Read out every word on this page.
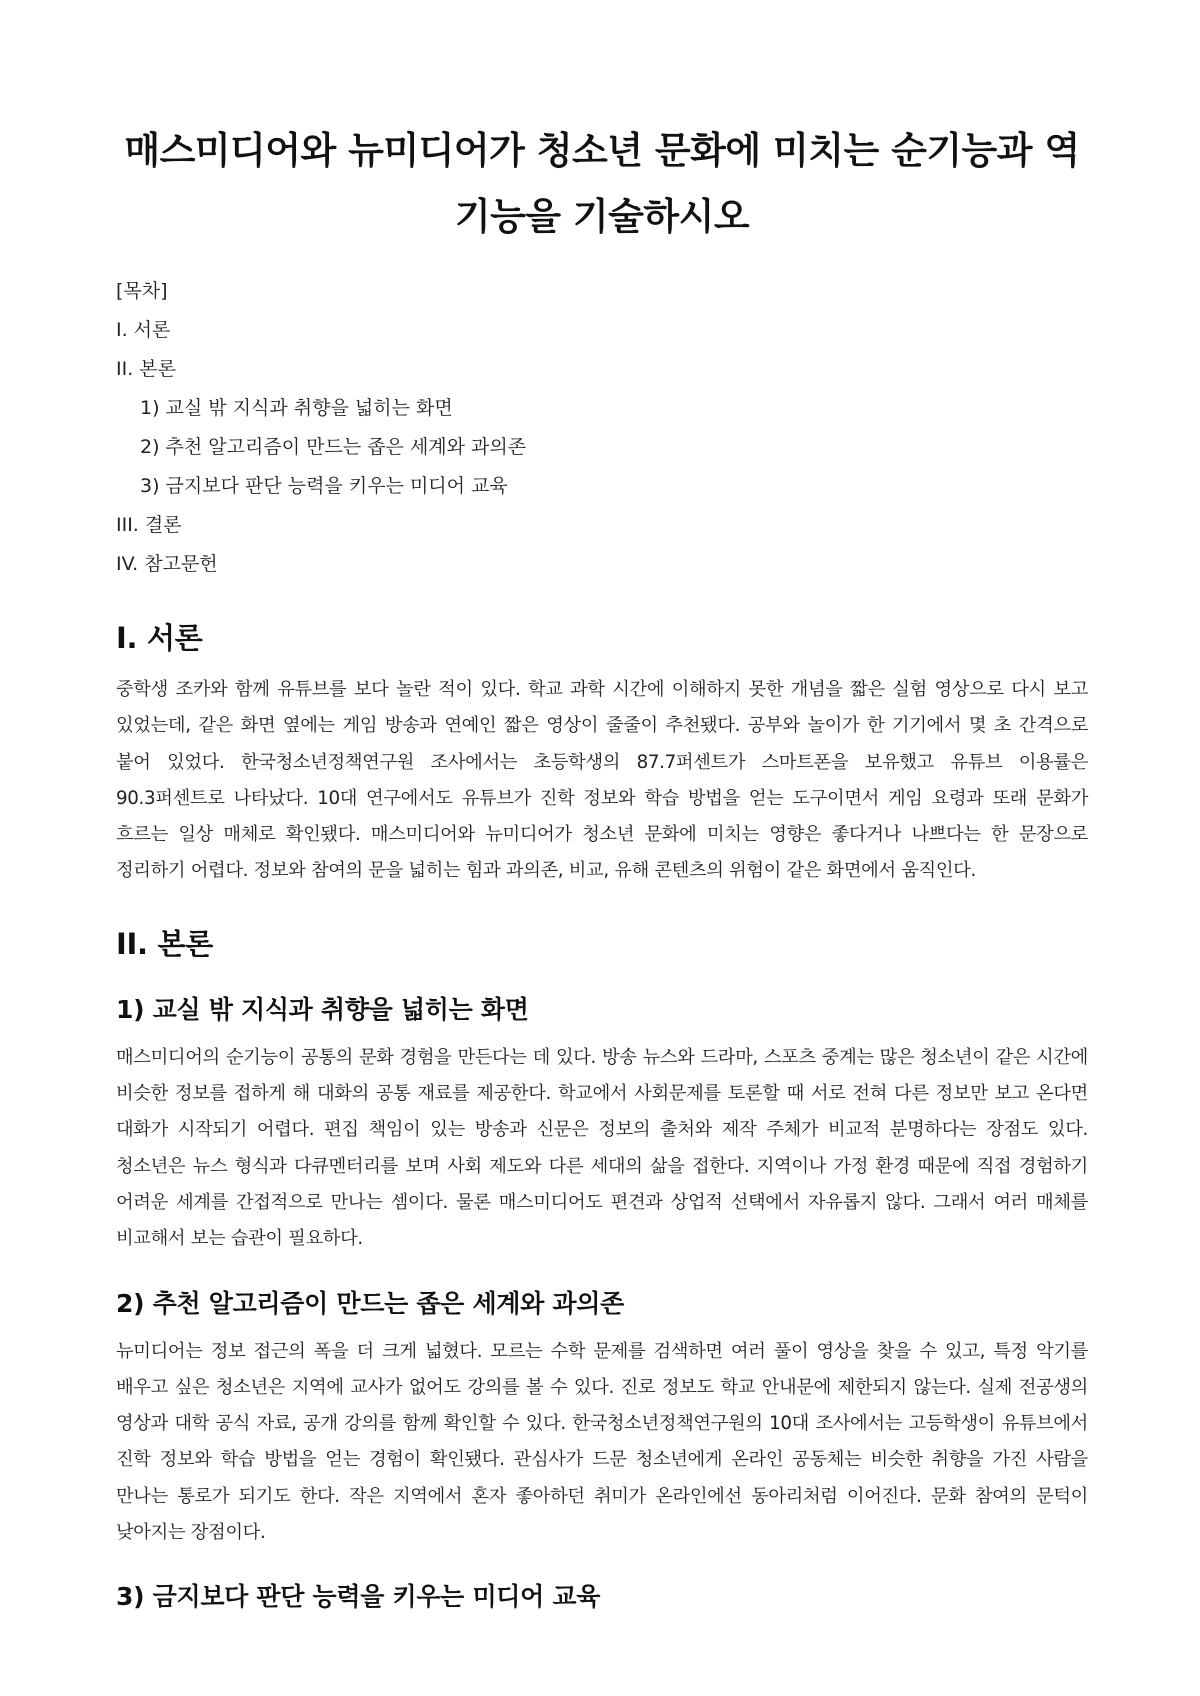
매스미디어와 뉴미디어가 청소년 문화에 미치는 순기능과 역기능을 기술하시오
[목차]
I. 서론
II. 본론
1) 교실 밖 지식과 취향을 넓히는 화면
2) 추천 알고리즘이 만드는 좁은 세계와 과의존
3) 금지보다 판단 능력을 키우는 미디어 교육
III. 결론
IV. 참고문헌
I. 서론

중학생 조카와 함께 유튜브를 보다 놀란 적이 있다. 학교 과학 시간에 이해하지 못한 개념을 짧은 실험 영상으로 다시 보고 있었는데, 같은 화면 옆에는 게임 방송과 연예인 짧은 영상이 줄줄이 추천됐다. 공부와 놀이가 한 기기에서 몇 초 간격으로 붙어 있었다. 한국청소년정책연구원 조사에서는 초등학생의 87.7퍼센트가 스마트폰을 보유했고 유튜브 이용률은 90.3퍼센트로 나타났다. 10대 연구에서도 유튜브가 진학 정보와 학습 방법을 얻는 도구이면서 게임 요령과 또래 문화가 흐르는 일상 매체로 확인됐다. 매스미디어와 뉴미디어가 청소년 문화에 미치는 영향은 좋다거나 나쁘다는 한 문장으로 정리하기 어렵다. 정보와 참여의 문을 넓히는 힘과 과의존, 비교, 유해 콘텐츠의 위험이 같은 화면에서 움직인다.

II. 본론
1) 교실 밖 지식과 취향을 넓히는 화면

매스미디어의 순기능이 공통의 문화 경험을 만든다는 데 있다. 방송 뉴스와 드라마, 스포츠 중계는 많은 청소년이 같은 시간에 비슷한 정보를 접하게 해 대화의 공통 재료를 제공한다. 학교에서 사회문제를 토론할 때 서로 전혀 다른 정보만 보고 온다면 대화가 시작되기 어렵다. 편집 책임이 있는 방송과 신문은 정보의 출처와 제작 주체가 비교적 분명하다는 장점도 있다. 청소년은 뉴스 형식과 다큐멘터리를 보며 사회 제도와 다른 세대의 삶을 접한다. 지역이나 가정 환경 때문에 직접 경험하기 어려운 세계를 간접적으로 만나는 셈이다. 물론 매스미디어도 편견과 상업적 선택에서 자유롭지 않다. 그래서 여러 매체를 비교해서 보는 습관이 필요하다.

2) 추천 알고리즘이 만드는 좁은 세계와 과의존

뉴미디어는 정보 접근의 폭을 더 크게 넓혔다. 모르는 수학 문제를 검색하면 여러 풀이 영상을 찾을 수 있고, 특정 악기를 배우고 싶은 청소년은 지역에 교사가 없어도 강의를 볼 수 있다. 진로 정보도 학교 안내문에 제한되지 않는다. 실제 전공생의 영상과 대학 공식 자료, 공개 강의를 함께 확인할 수 있다. 한국청소년정책연구원의 10대 조사에서는 고등학생이 유튜브에서 진학 정보와 학습 방법을 얻는 경험이 확인됐다. 관심사가 드문 청소년에게 온라인 공동체는 비슷한 취향을 가진 사람을 만나는 통로가 되기도 한다. 작은 지역에서 혼자 좋아하던 취미가 온라인에선 동아리처럼 이어진다. 문화 참여의 문턱이 낮아지는 장점이다.

3) 금지보다 판단 능력을 키우는 미디어 교육
